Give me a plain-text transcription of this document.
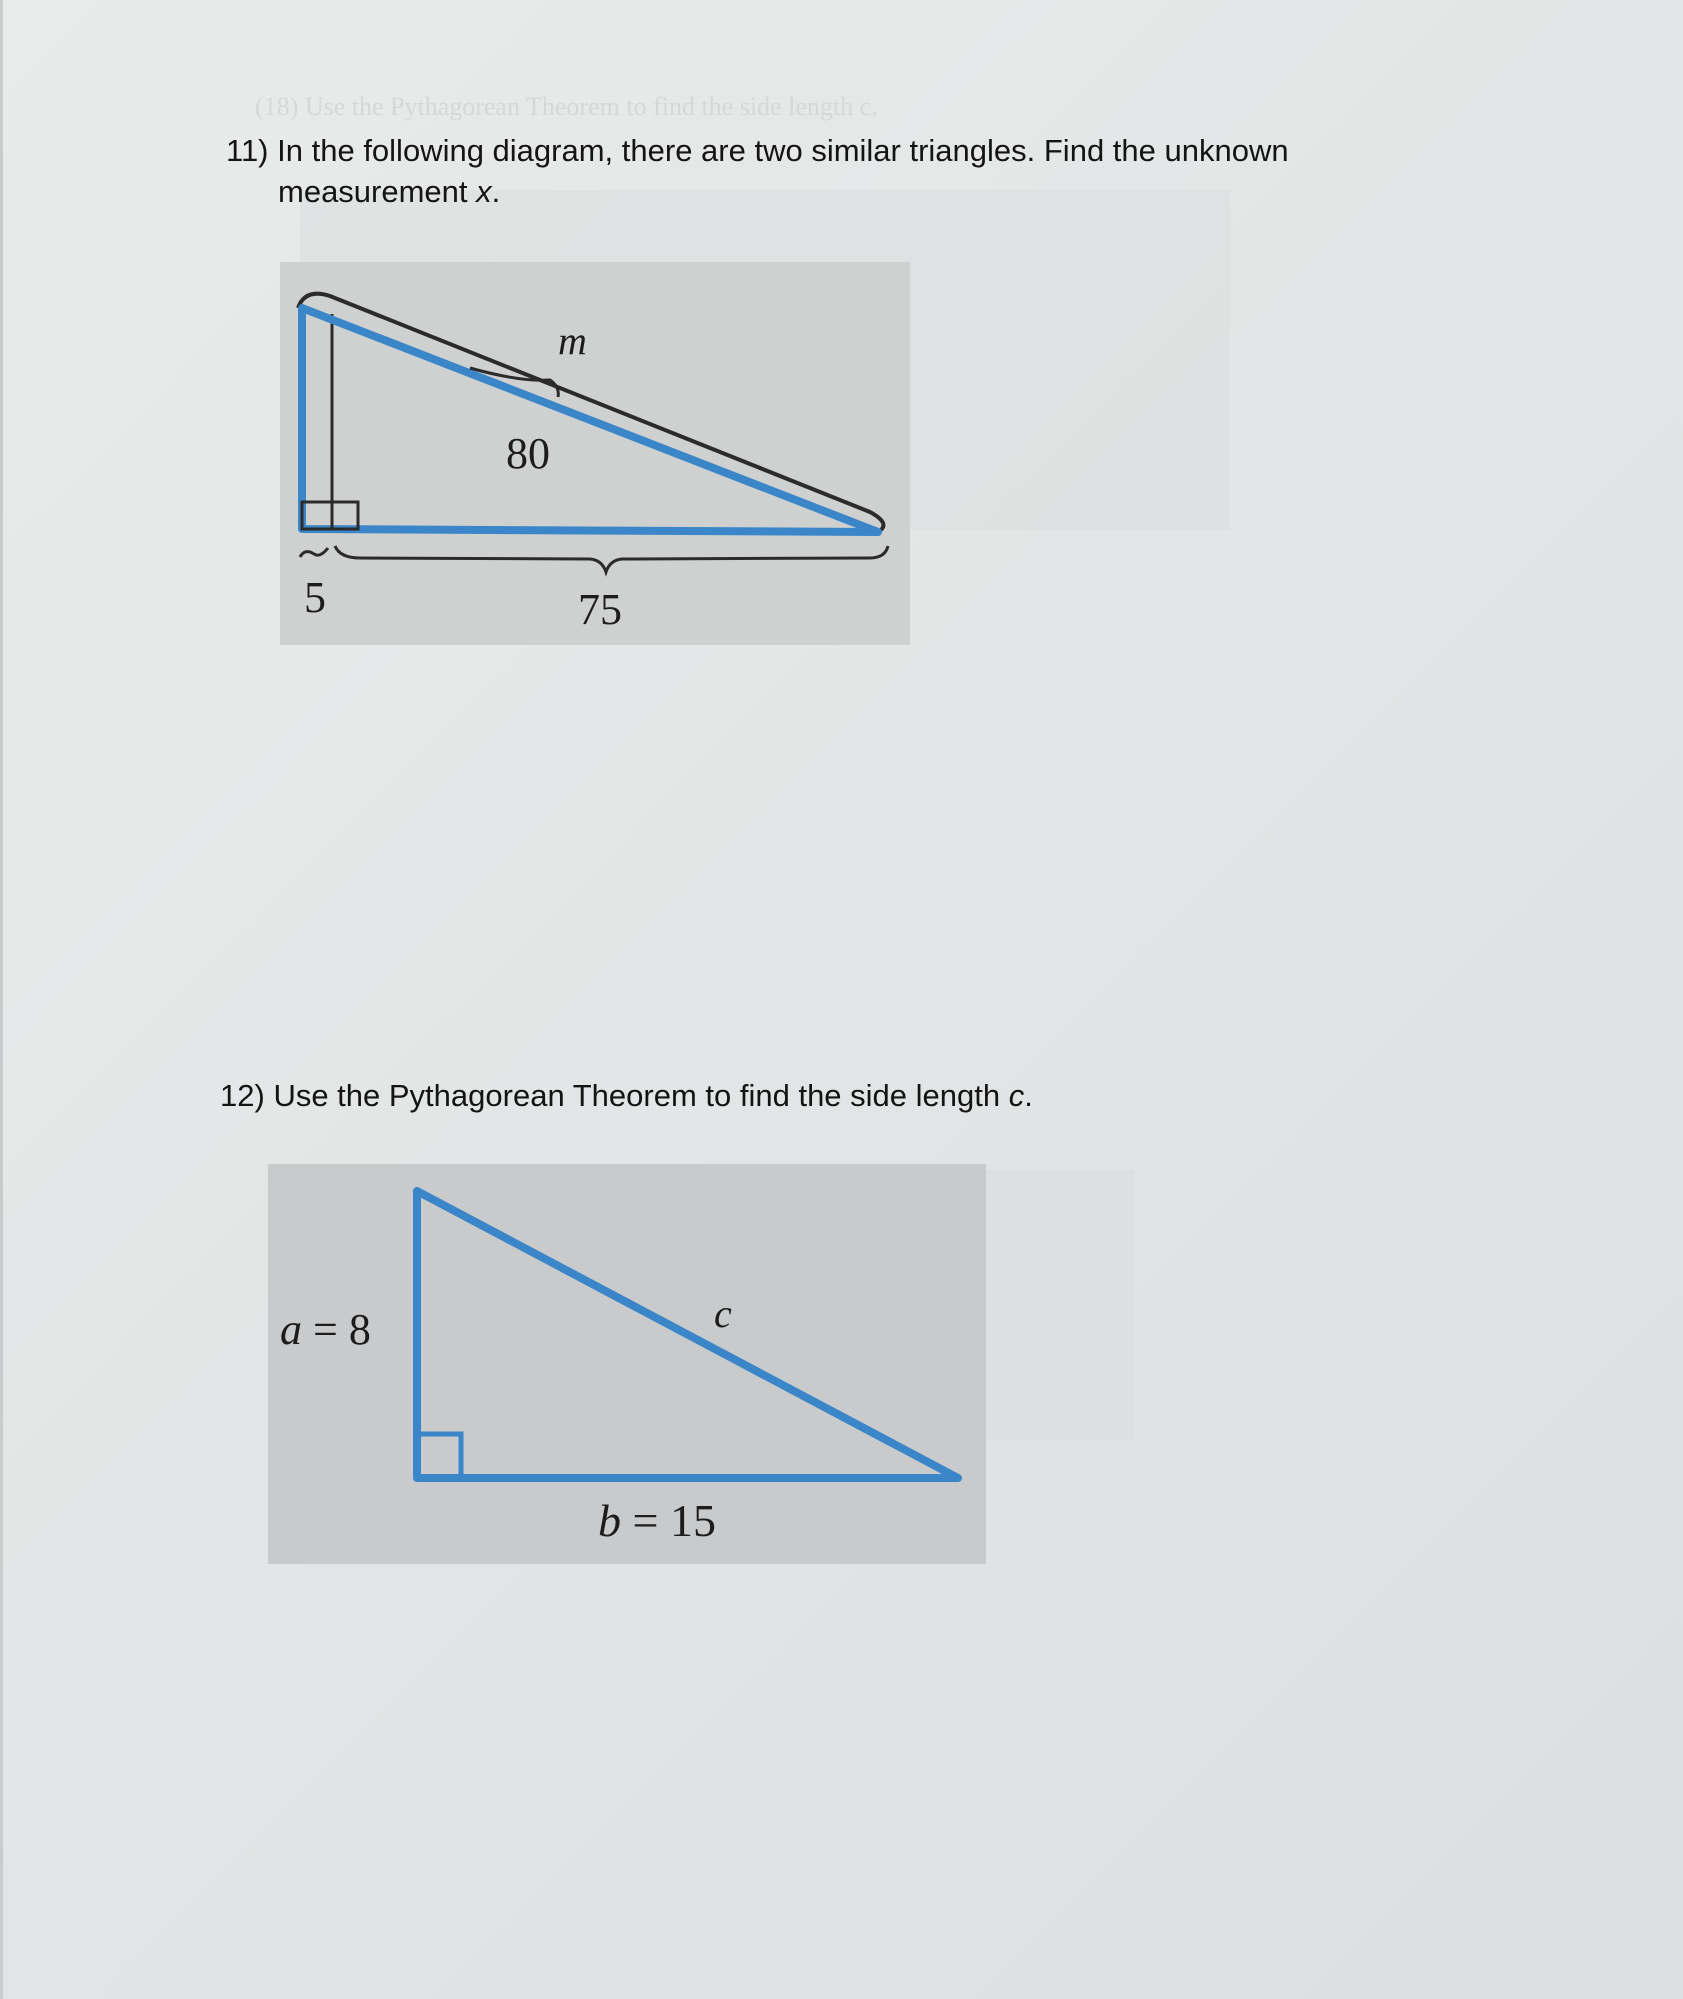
(18) Use the Pythagorean Theorem to find the side length c.
11) In the following diagram, there are two similar triangles. Find the unknown
measurement x.
m
80
5	75
12) Use the Pythagorean Theorem to find the side length c.
a = 8	c
b = 15
